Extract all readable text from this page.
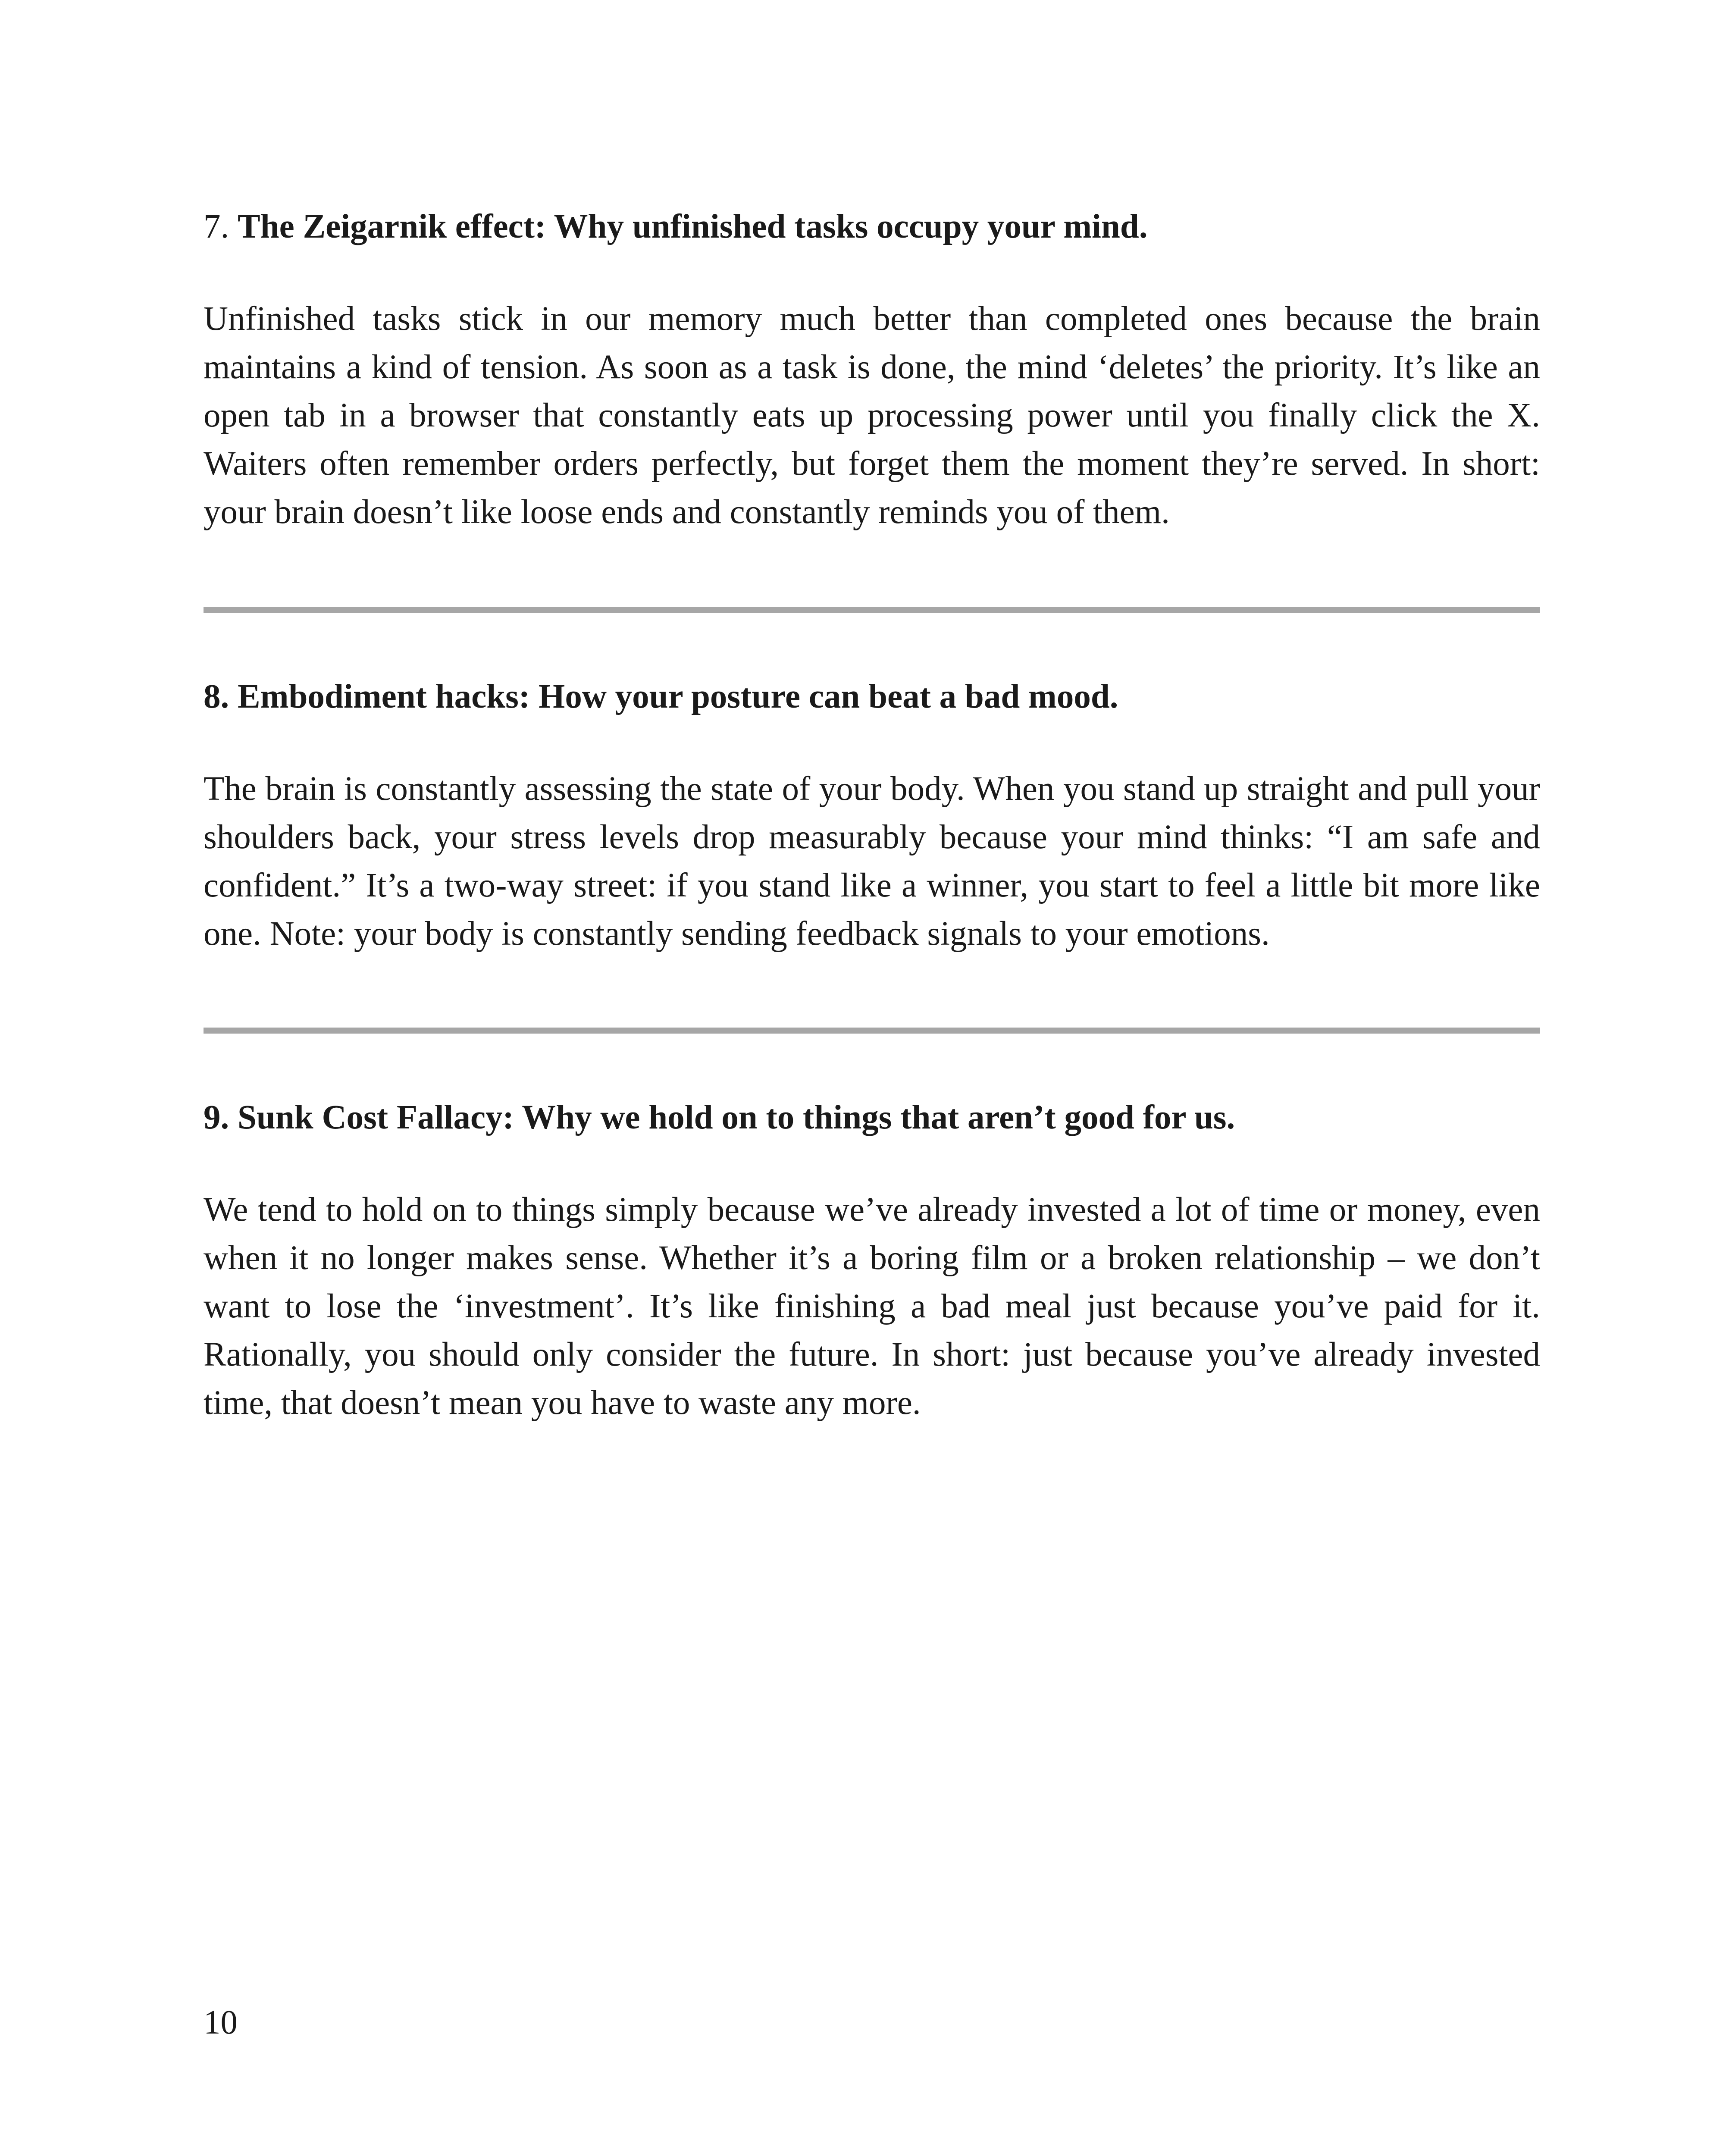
7. The Zeigarnik effect: Why unfinished tasks occupy your mind.

Unfinished tasks stick in our memory much better than completed ones because the brain maintains a kind of tension. As soon as a task is done, the mind ‘deletes’ the priority. It’s like an open tab in a browser that constantly eats up processing power until you finally click the X. Waiters often remember orders perfectly, but forget them the moment they’re served. In short: your brain doesn’t like loose ends and constantly reminds you of them.

8. Embodiment hacks: How your posture can beat a bad mood.

The brain is constantly assessing the state of your body. When you stand up straight and pull your shoulders back, your stress levels drop measurably because your mind thinks: “I am safe and confident.” It’s a two-way street: if you stand like a winner, you start to feel a little bit more like one. Note: your body is constantly sending feedback signals to your emotions.

9. Sunk Cost Fallacy: Why we hold on to things that aren’t good for us.

We tend to hold on to things simply because we’ve already invested a lot of time or money, even when it no longer makes sense. Whether it’s a boring film or a broken relationship – we don’t want to lose the ‘investment’. It’s like finishing a bad meal just because you’ve paid for it. Rationally, you should only consider the future. In short: just because you’ve already invested time, that doesn’t mean you have to waste any more.

10
